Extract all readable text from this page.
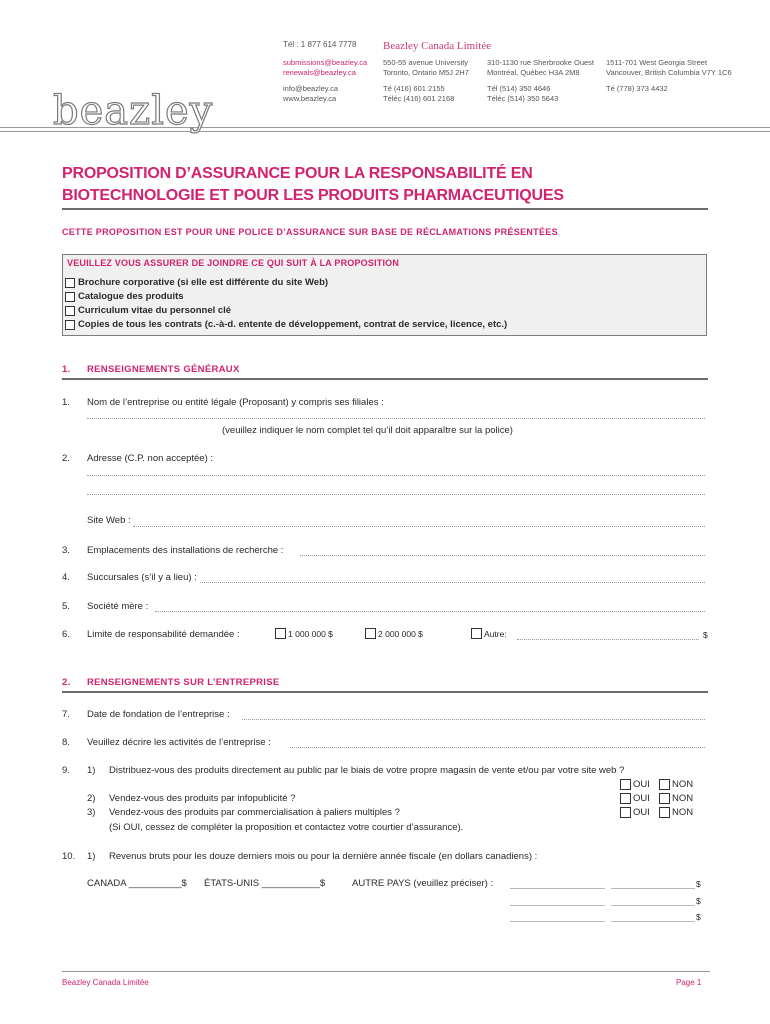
beazley
Tél : 1 877 614 7778 Beazley Canada Limitée
submissions@beazley.ca
renewals@beazley.ca
info@beazley.ca
www.beazley.ca
550-55 avenue University
Toronto, Ontario M5J 2H7
Té (416) 601 2155
Téléc (416) 601 2168
310-1130 rue Sherbrooke Ouest
Montréal, Québec H3A 2M8
Tél (514) 350 4646
Téléc (514) 350 5643
1511-701 West Georgia Street
Vancouver, British Columbia V7Y 1C6
Té (778) 373 4432
PROPOSITION D’ASSURANCE POUR LA RESPONSABILITÉ EN
BIOTECHNOLOGIE ET POUR LES PRODUITS PHARMACEUTIQUES
CETTE PROPOSITION EST POUR UNE POLICE D’ASSURANCE SUR BASE DE RÉCLAMATIONS PRÉSENTÉES
VEUILLEZ VOUS ASSURER DE JOINDRE CE QUI SUIT À LA PROPOSITION
Brochure corporative (si elle est différente du site Web)
Catalogue des produits
Curriculum vitae du personnel clé
Copies de tous les contrats (c.-à-d. entente de développement, contrat de service, licence, etc.)
1. RENSEIGNEMENTS GÉNÉRAUX
1. Nom de l’entreprise ou entité légale (Proposant) y compris ses filiales :
(veuillez indiquer le nom complet tel qu’il doit apparaître sur la police)
2. Adresse (C.P. non acceptée) :
Site Web :
3. Emplacements des installations de recherche :
4. Succursales (s’il y a lieu) :
5. Société mère :
6. Limite de responsabilité demandée :	1 000 000 $	2 000 000 $	Autre:	$
2. RENSEIGNEMENTS SUR L’ENTREPRISE
7. Date de fondation de l’entreprise :
8. Veuillez décrire les activités de l’entreprise :
9. 1) Distribuez-vous des produits directement au public par le biais de votre propre magasin de vente et/ou par votre site web ?
OUI NON
2) Vendez-vous des produits par infopublicité ?	OUI NON
3) Vendez-vous des produits par commercialisation à paliers multiples ?	OUI NON
(Si OUI, cessez de compléter la proposition et contactez votre courtier d’assurance).
10. 1) Revenus bruts pour les douze derniers mois ou pour la dernière année fiscale (en dollars canadiens) :
CANADA __________$ ÉTATS-UNIS ___________$	AUTRE PAYS (veuillez préciser) :	$
$
$
Beazley Canada Limitée	Page 1
